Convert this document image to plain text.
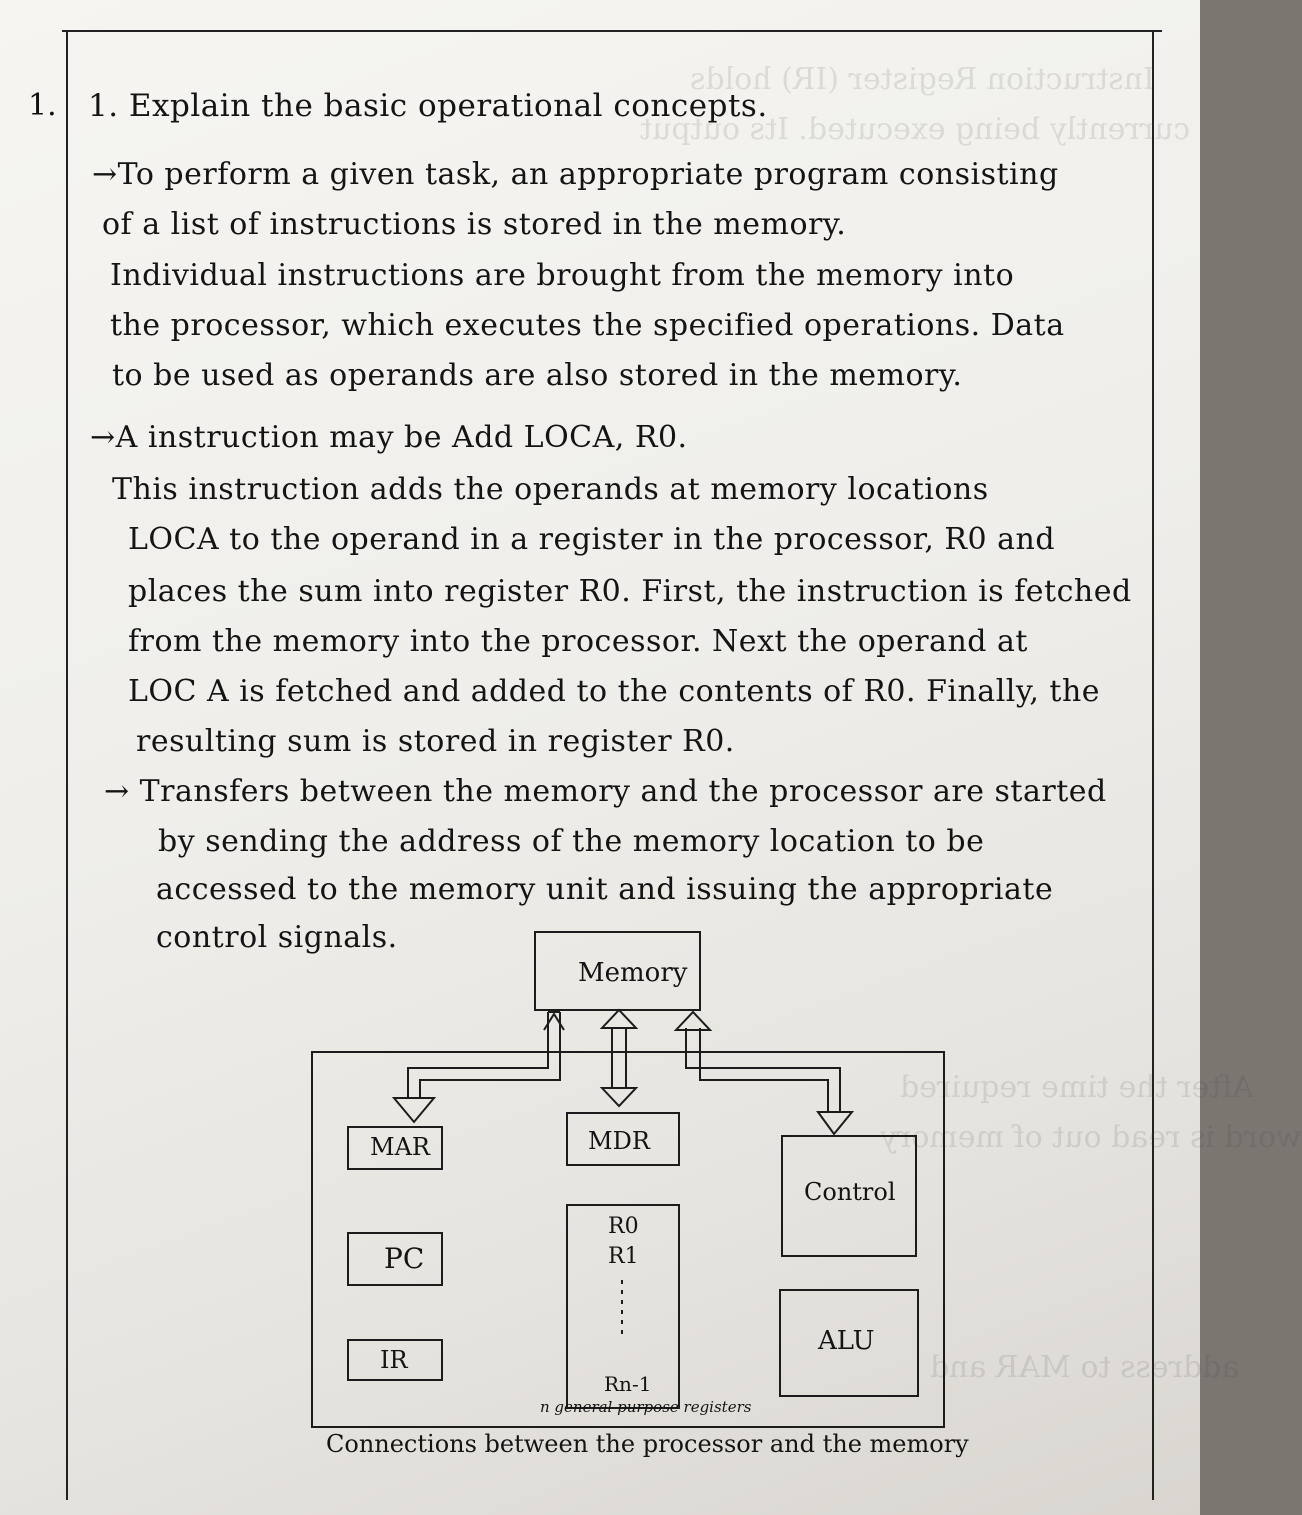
Instruction Register (IR) holds
currently being executed. Its output
After the time required
word is read out of memory
address to MAR and
1. 1. Explain the basic operational concepts.
→To perform a given task, an appropriate program consisting
of a list of instructions is stored in the memory.
Individual instructions are brought from the memory into
the processor, which executes the specified operations. Data
to be used as operands are also stored in the memory.
→A instruction may be Add LOCA, R0.
This instruction adds the operands at memory locations
LOCA to the operand in a register in the processor, R0 and
places the sum into register R0. First, the instruction is fetched
from the memory into the processor. Next the operand at
LOC A is fetched and added to the contents of R0. Finally, the
resulting sum is stored in register R0.
→ Transfers between the memory and the processor are started
by sending the address of the memory location to be
accessed to the memory unit and issuing the appropriate
control signals.
Memory
MAR	MDR
Control
PC
IR
ALU
R0
R1
Rn-1
n general purpose registers
Connections between the processor and the memory
